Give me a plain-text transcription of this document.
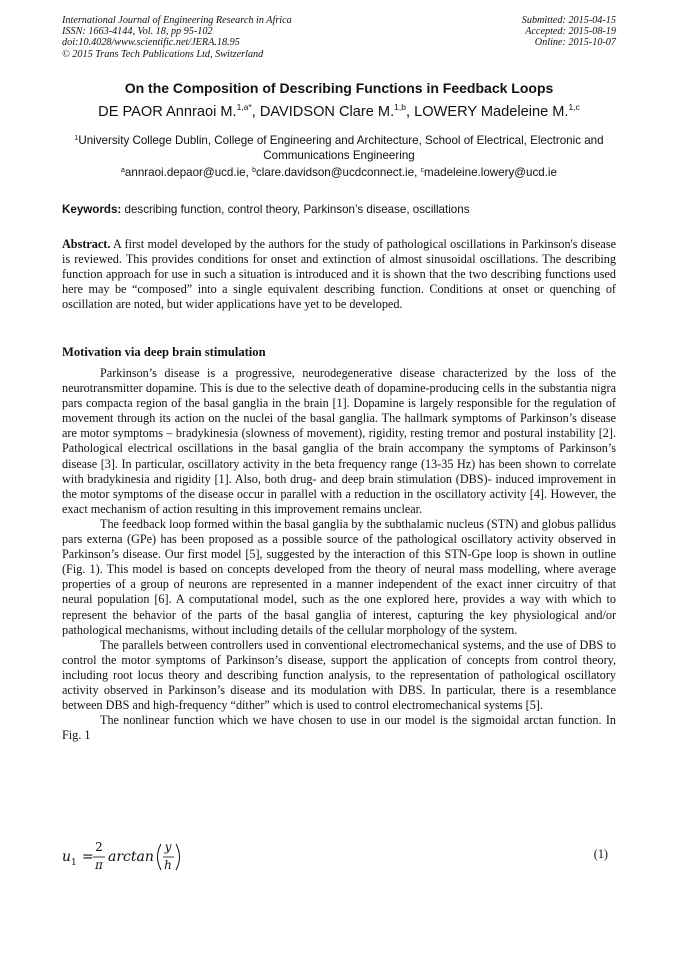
International Journal of Engineering Research in Africa
ISSN: 1663-4144, Vol. 18, pp 95-102
doi:10.4028/www.scientific.net/JERA.18.95
© 2015 Trans Tech Publications Ltd, Switzerland
Submitted: 2015-04-15
Accepted: 2015-08-19
Online: 2015-10-07
On the Composition of Describing Functions in Feedback Loops
DE PAOR Annraoi M.$^{1,a*}$, DAVIDSON Clare M.$^{1,b}$, LOWERY Madeleine M.$^{1,c}$
$^1$University College Dublin, College of Engineering and Architecture, School of Electrical, Electronic and Communications Engineering
$^a$annraoi.depaor@ucd.ie, $^b$clare.davidson@ucdconnect.ie, $^c$madeleine.lowery@ucd.ie
Keywords: describing function, control theory, Parkinson’s disease, oscillations
Abstract. A first model developed by the authors for the study of pathological oscillations in Parkinson's disease is reviewed. This provides conditions for onset and extinction of almost sinusoidal oscillations. The describing function approach for use in such a situation is introduced and it is shown that the two describing functions used here may be “composed” into a single equivalent describing function. Conditions at onset or quenching of oscillation are noted, but wider applications have yet to be developed.
Motivation via deep brain stimulation

Parkinson’s disease is a progressive, neurodegenerative disease characterized by the loss of the neurotransmitter dopamine. This is due to the selective death of dopamine-producing cells in the substantia nigra pars compacta region of the basal ganglia in the brain [1]. Dopamine is largely responsible for the regulation of movement through its action on the nuclei of the basal ganglia. The hallmark symptoms of Parkinson’s disease are motor symptoms – bradykinesia (slowness of movement), rigidity, resting tremor and postural instability [2]. Pathological electrical oscillations in the basal ganglia of the brain accompany the symptoms of Parkinson’s disease [3]. In particular, oscillatory activity in the beta frequency range (13-35 Hz) has been shown to correlate with bradykinesia and rigidity [1]. Also, both drug- and deep brain stimulation (DBS)- induced improvement in the motor symptoms of the disease occur in parallel with a reduction in the oscillatory activity [4]. However, the exact mechanism of action resulting in this improvement remains unclear.

The feedback loop formed within the basal ganglia by the subthalamic nucleus (STN) and globus pallidus pars externa (GPe) has been proposed as a possible source of the pathological oscillatory activity observed in Parkinson’s disease. Our first model [5], suggested by the interaction of this STN-Gpe loop is shown in outline (Fig. 1). This model is based on concepts developed from the theory of neural mass modelling, where average properties of a group of neurons are represented in a manner independent of the exact inner circuitry of that neural population [6]. A computational model, such as the one explored here, provides a way with which to represent the behavior of the parts of the basal ganglia of interest, capturing the key physiological and/or pathological mechanisms, without including details of the cellular morphology of the system.

The parallels between controllers used in conventional electromechanical systems, and the use of DBS to control the motor symptoms of Parkinson’s disease, support the application of concepts from control theory, including root locus theory and describing function analysis, to the representation of pathological oscillatory activity observed in Parkinson’s disease and its modulation with DBS. In particular, there is a resemblance between DBS and high-frequency “dither” which is used to control electromechanical systems [5].

The nonlinear function which we have chosen to use in our model is the sigmoidal arctan function. In Fig. 1

u 1 =
2
π arctan
y
h
(1)
